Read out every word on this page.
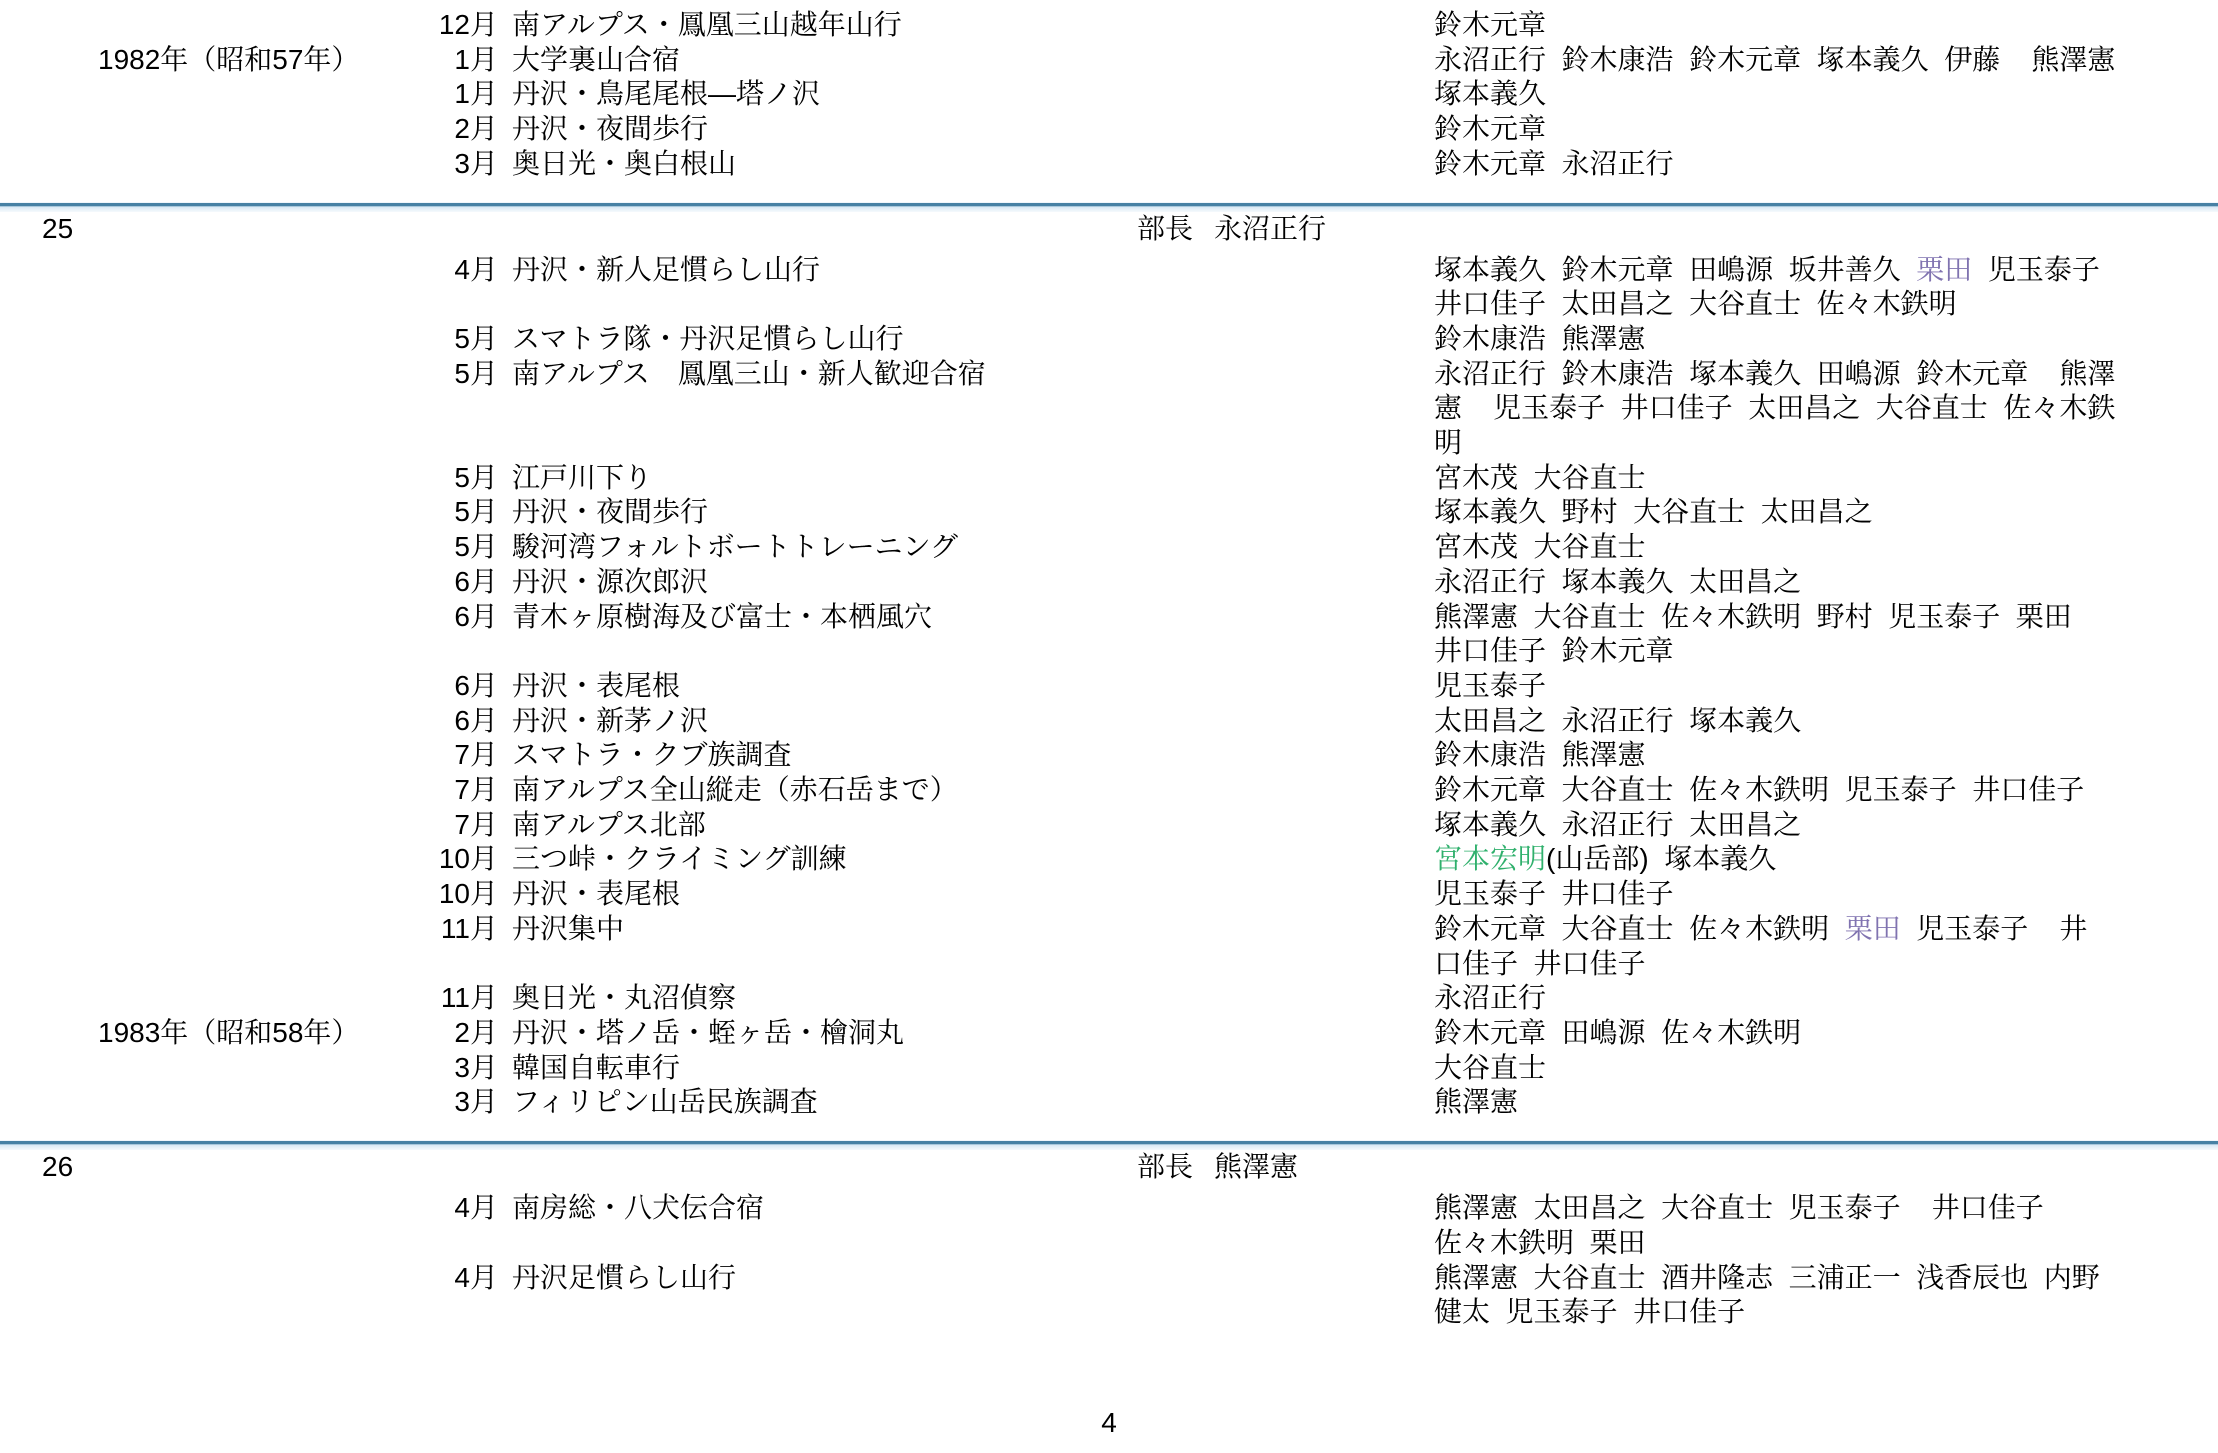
12月 南アルプス・鳳凰三山越年山行	鈴木元章
1982年（昭和57年）	1月 大学裏山合宿	永沼正行  鈴木康浩  鈴木元章  塚本義久  伊藤    熊澤憲
1月 丹沢・鳥尾尾根―塔ノ沢	塚本義久
2月 丹沢・夜間歩行	鈴木元章
3月 奥日光・奥白根山	鈴木元章  永沼正行
25	部長 永沼正行
4月 丹沢・新人足慣らし山行	塚本義久  鈴木元章  田嶋源  坂井善久  栗田  児玉泰子
井口佳子  太田昌之  大谷直士  佐々木鉄明
5月 スマトラ隊・丹沢足慣らし山行	鈴木康浩  熊澤憲
5月 南アルプス　鳳凰三山・新人歓迎合宿	永沼正行  鈴木康浩  塚本義久  田嶋源  鈴木元章    熊澤
憲    児玉泰子  井口佳子  太田昌之  大谷直士  佐々木鉄
明
5月 江戸川下り	宮木茂  大谷直士
5月 丹沢・夜間歩行	塚本義久  野村  大谷直士  太田昌之
5月 駿河湾フォルトボートトレーニング	宮木茂  大谷直士
6月 丹沢・源次郎沢	永沼正行  塚本義久  太田昌之
6月 青木ヶ原樹海及び富士・本栖風穴	熊澤憲  大谷直士  佐々木鉄明  野村  児玉泰子  栗田
井口佳子  鈴木元章
6月 丹沢・表尾根	児玉泰子
6月 丹沢・新茅ノ沢	太田昌之  永沼正行  塚本義久
7月 スマトラ・クブ族調査	鈴木康浩  熊澤憲
7月 南アルプス全山縦走（赤石岳まで）	鈴木元章  大谷直士  佐々木鉄明  児玉泰子  井口佳子
7月 南アルプス北部	塚本義久  永沼正行  太田昌之
10月 三つ峠・クライミング訓練	宮本宏明(山岳部)  塚本義久
10月 丹沢・表尾根	児玉泰子  井口佳子
11月 丹沢集中	鈴木元章  大谷直士  佐々木鉄明  栗田  児玉泰子    井
口佳子  井口佳子
11月 奥日光・丸沼偵察	永沼正行
1983年（昭和58年）	2月 丹沢・塔ノ岳・蛭ヶ岳・檜洞丸	鈴木元章  田嶋源  佐々木鉄明
3月 韓国自転車行	大谷直士
3月 フィリピン山岳民族調査	熊澤憲
26	部長 熊澤憲
4月 南房総・八犬伝合宿	熊澤憲  太田昌之  大谷直士  児玉泰子    井口佳子
佐々木鉄明  栗田
4月 丹沢足慣らし山行	熊澤憲  大谷直士  酒井隆志  三浦正一  浅香辰也  内野
健太  児玉泰子  井口佳子
4
